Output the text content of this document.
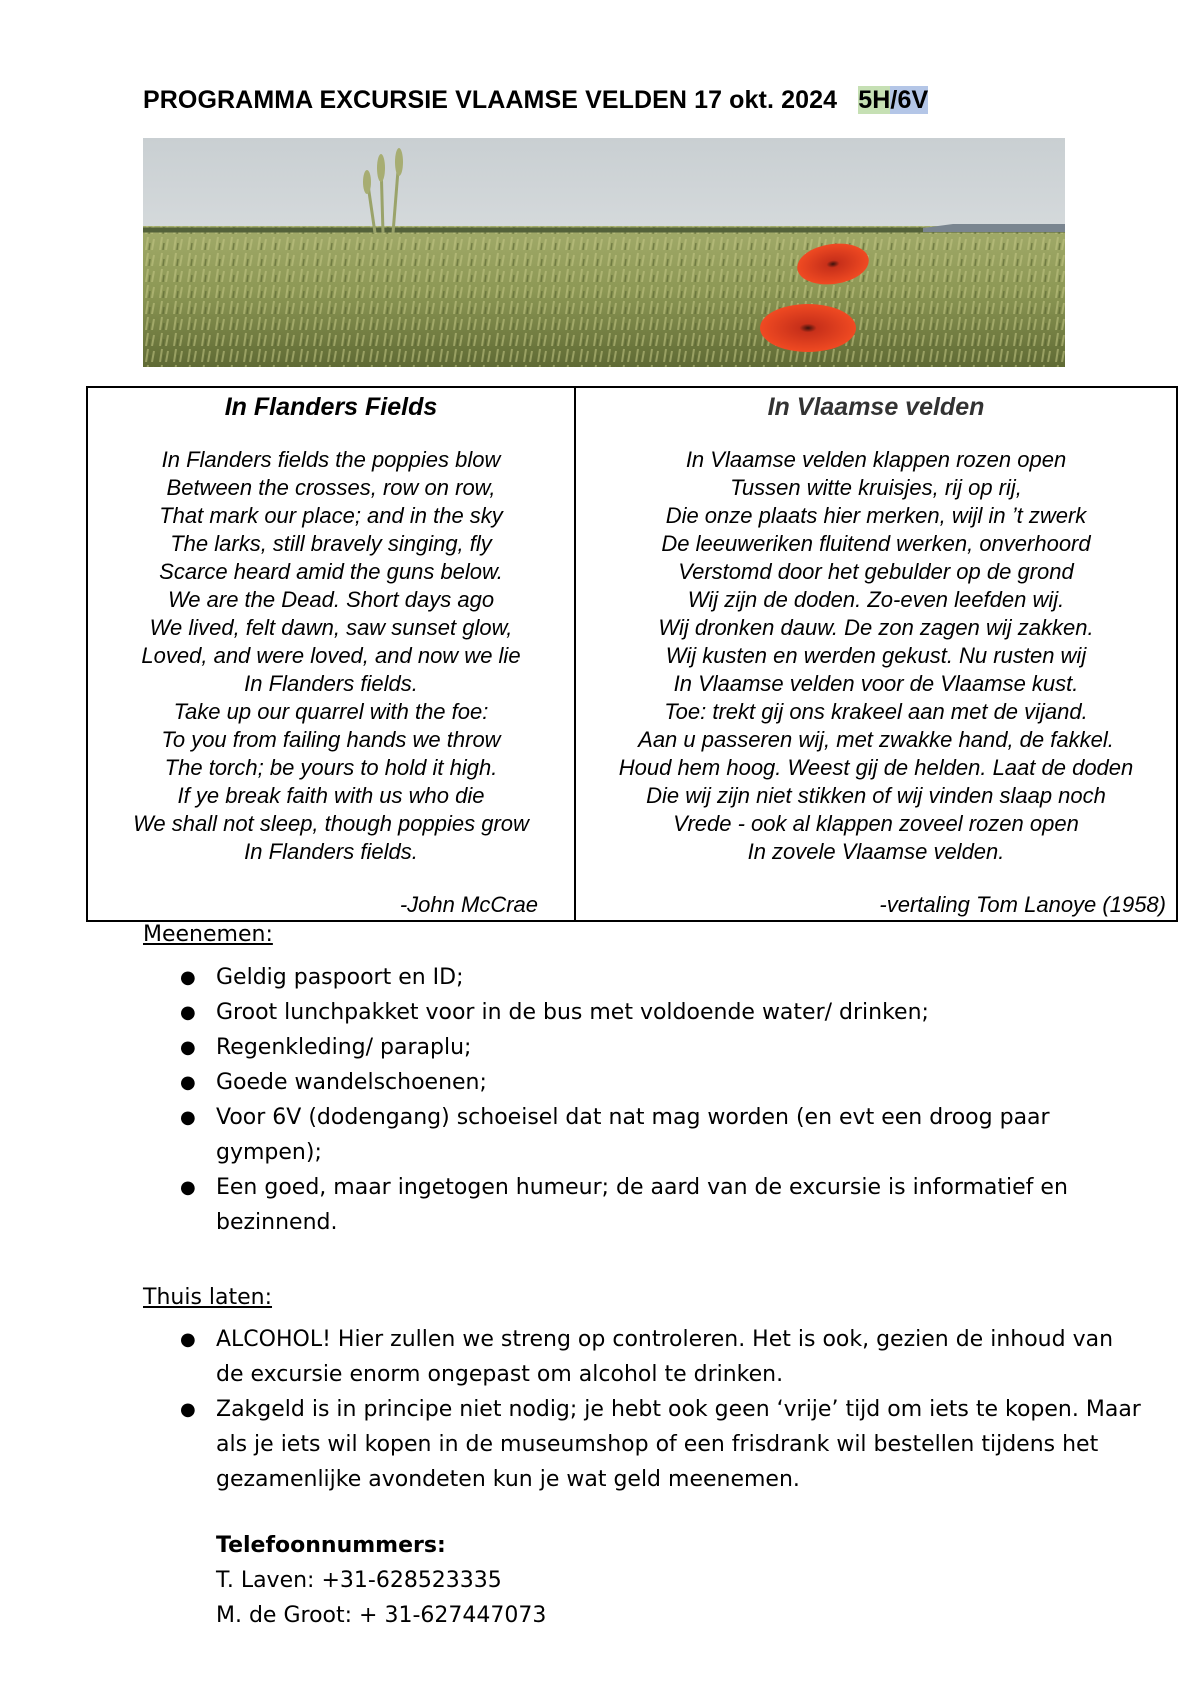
PROGRAMMA EXCURSIE VLAAMSE VELDEN 17 okt. 2024 5H/6V
In Flanders Fields
In Flanders fields the poppies blow
Between the crosses, row on row,
That mark our place; and in the sky
The larks, still bravely singing, fly
Scarce heard amid the guns below.
We are the Dead. Short days ago
We lived, felt dawn, saw sunset glow,
Loved, and were loved, and now we lie
In Flanders fields.
Take up our quarrel with the foe:
To you from failing hands we throw
The torch; be yours to hold it high.
If ye break faith with us who die
We shall not sleep, though poppies grow
In Flanders fields.
-John McCrae
In Vlaamse velden
In Vlaamse velden klappen rozen open
Tussen witte kruisjes, rij op rij,
Die onze plaats hier merken, wijl in ’t zwerk
De leeuweriken fluitend werken, onverhoord
Verstomd door het gebulder op de grond
Wij zijn de doden. Zo-even leefden wij.
Wij dronken dauw. De zon zagen wij zakken.
Wij kusten en werden gekust. Nu rusten wij
In Vlaamse velden voor de Vlaamse kust.
Toe: trekt gij ons krakeel aan met de vijand.
Aan u passeren wij, met zwakke hand, de fakkel.
Houd hem hoog. Weest gij de helden. Laat de doden
Die wij zijn niet stikken of wij vinden slaap noch
Vrede - ook al klappen zoveel rozen open
In zovele Vlaamse velden.
-vertaling Tom Lanoye (1958)
Meenemen:
● Geldig paspoort en ID;
● Groot lunchpakket voor in de bus met voldoende water/ drinken;
● Regenkleding/ paraplu;
● Goede wandelschoenen;
● Voor 6V (dodengang) schoeisel dat nat mag worden (en evt een droog paar gympen);
● Een goed, maar ingetogen humeur; de aard van de excursie is informatief en bezinnend.
Thuis laten:
● ALCOHOL! Hier zullen we streng op controleren. Het is ook, gezien de inhoud van de excursie enorm ongepast om alcohol te drinken.
● Zakgeld is in principe niet nodig; je hebt ook geen ‘vrije’ tijd om iets te kopen. Maar als je iets wil kopen in de museumshop of een frisdrank wil bestellen tijdens het gezamenlijke avondeten kun je wat geld meenemen.
Telefoonnummers:
T. Laven: +31-628523335
M. de Groot: + 31-627447073
